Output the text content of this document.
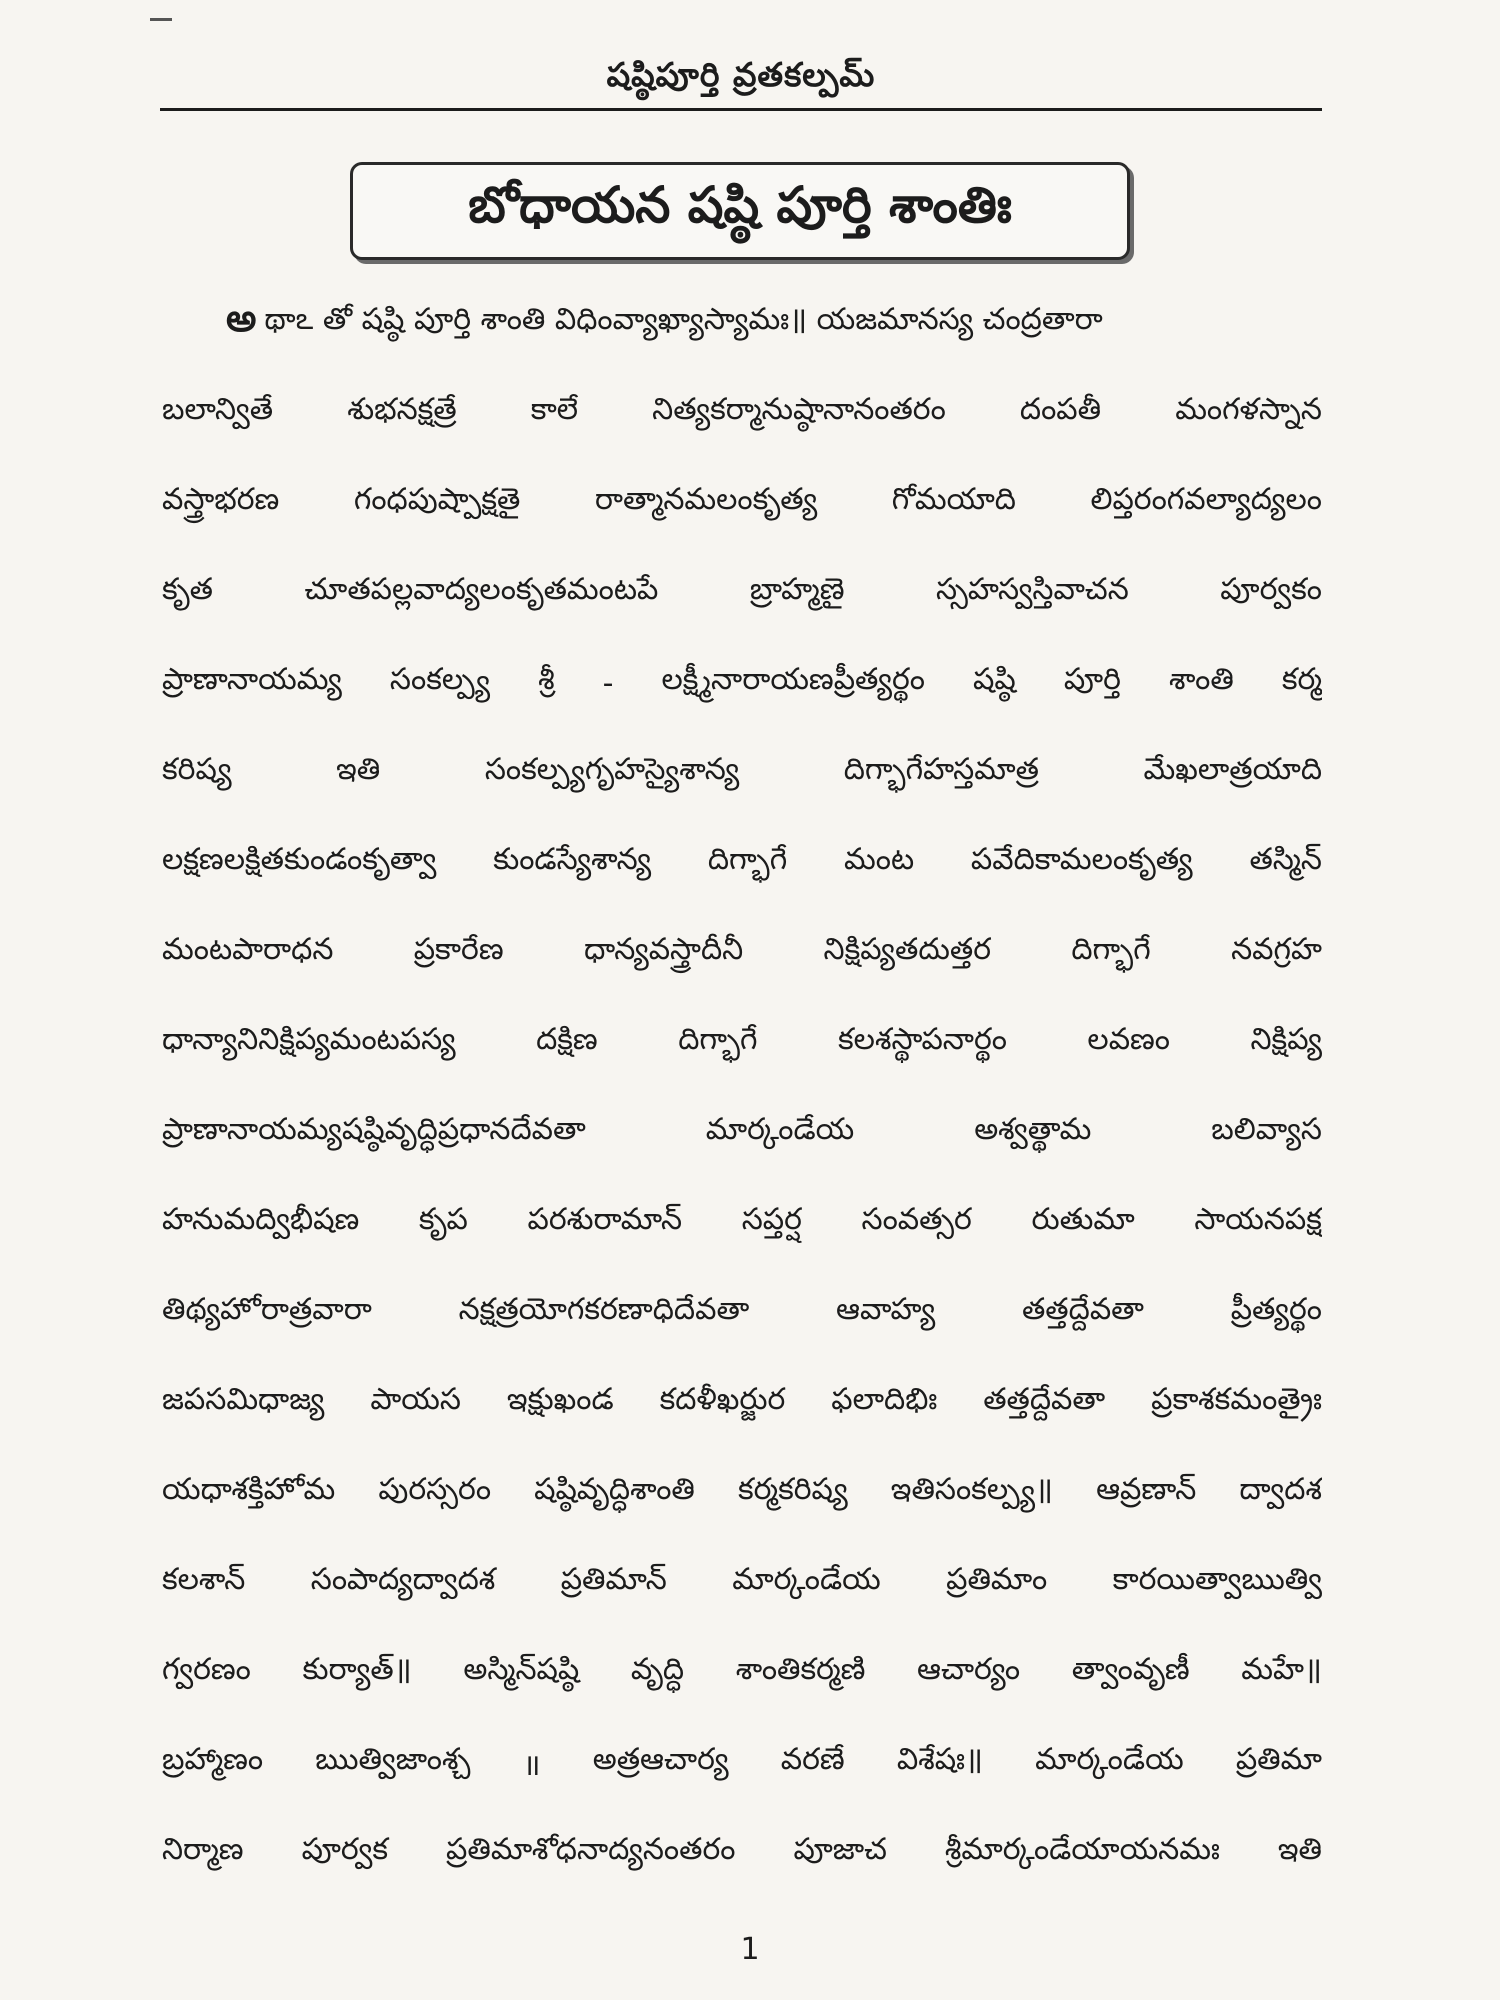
షష్ఠిపూర్తి వ్రతకల్పమ్
బోధాయన షష్ఠి పూర్తి శాంతిః
అ థాఽ తో షష్ఠి పూర్తి శాంతి విధింవ్యాఖ్యాస్యామః॥ యజమానస్య చంద్రతారా
బలాన్వితే శుభనక్షత్రే కాలే నిత్యకర్మానుష్ఠానానంతరం దంపతీ మంగళస్నాన
వస్త్రాభరణ గంధపుష్పాక్షతై రాత్మానమలంకృత్య గోమయాది లిప్తరంగవల్యాద్యలం
కృత	చూతపల్లవాద్యలంకృతమంటపే	బ్రాహ్మణై	స్సహస్వస్తివాచన	పూర్వకం
ప్రాణానాయమ్య సంకల్ప్య శ్రీ - లక్ష్మీనారాయణప్రీత్యర్థం షష్ఠి పూర్తి శాంతి కర్మ
కరిష్య	ఇతి	సంకల్ప్యగృహస్యైశాన్య	దిగ్భాగేహస్తమాత్ర	మేఖలాత్రయాది
లక్షణలక్షితకుండంకృత్వా కుండస్యేశాన్య దిగ్భాగే మంట పవేదికామలంకృత్య తస్మిన్
మంటపారాధన	ప్రకారేణ	ధాన్యవస్త్రాదీనీ	నిక్షిప్యతదుత్తర	దిగ్భాగే	నవగ్రహ
ధాన్యానినిక్షిప్యమంటపస్య	దక్షిణ	దిగ్భాగే	కలశస్థాపనార్థం	లవణం	నిక్షిప్య
ప్రాణానాయమ్యషష్ఠివృద్ధిప్రధానదేవతా	మార్కండేయ	అశ్వత్థామ	బలివ్యాస
హనుమద్విభీషణ కృప పరశురామాన్ సప్తర్ష సంవత్సర రుతుమా సాయనపక్ష
తిథ్యహోరాత్రవారా	నక్షత్రయోగకరణాధిదేవతా	ఆవాహ్య	తత్తద్దేవతా	ప్రీత్యర్థం
జపసమిధాజ్య పాయస ఇక్షుఖండ కదళీఖర్జుర ఫలాదిభిః తత్తద్దేవతా ప్రకాశకమంత్రైః
యధాశక్తిహోమ పురస్సరం షష్ఠివృద్ధిశాంతి కర్మకరిష్య ఇతిసంకల్ప్య॥ ఆవ్రణాన్ ద్వాదశ
కలశాన్ సంపాద్యద్వాదశ ప్రతిమాన్ మార్కండేయ ప్రతిమాం కారయిత్వాఋత్వి
గ్వరణం కుర్యాత్॥ అస్మిన్‌షష్ఠి వృద్ధి శాంతికర్మణి ఆచార్యం త్వాంవృణీ మహే॥
బ్రహ్మాణం ఋత్విజాంశ్చ ॥ అత్రఆచార్య వరణే విశేషః॥ మార్కండేయ ప్రతిమా
నిర్మాణ పూర్వక ప్రతిమాశోధనాద్యనంతరం పూజాచ శ్రీమార్కండేయాయనమః ఇతి
1
